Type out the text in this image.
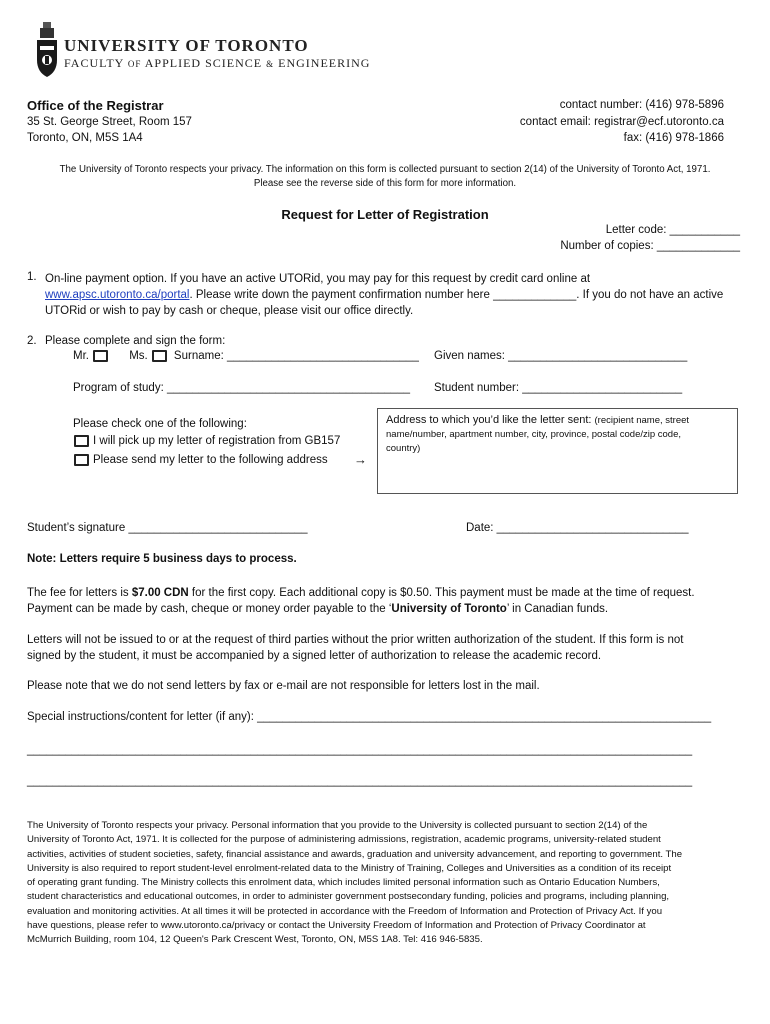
UNIVERSITY OF TORONTO
FACULTY OF APPLIED SCIENCE & ENGINEERING
Office of the Registrar
35 St. George Street, Room 157
Toronto, ON, M5S 1A4
contact number: (416) 978-5896
contact email: registrar@ecf.utoronto.ca
fax: (416) 978-1866
The University of Toronto respects your privacy. The information on this form is collected pursuant to section 2(14) of the University of Toronto Act, 1971.
Please see the reverse side of this form for more information.
Request for Letter of Registration
Letter code: ___________
Number of copies: _____________
1. On-line payment option. If you have an active UTORid, you may pay for this request by credit card online at
www.apsc.utoronto.ca/portal. Please write down the payment confirmation number here _____________. If you do not have an active
UTORid or wish to pay by cash or cheque, please visit our office directly.
2. Please complete and sign the form:
Mr.	Ms. Surname: ______________________________ Given names: ____________________________
Program of study: ______________________________________ Student number: _________________________
Please check one of the following:
I will pick up my letter of registration from GB157
Please send my letter to the following address →
Address to which you’d like the letter sent: (recipient name, street
name/number, apartment number, city, province, postal code/zip code,
country)
Student’s signature ____________________________	Date: ______________________________
Note: Letters require 5 business days to process.
The fee for letters is $7.00 CDN for the first copy. Each additional copy is $0.50. This payment must be made at the time of request.
Payment can be made by cash, cheque or money order payable to the ‘University of Toronto’ in Canadian funds.
Letters will not be issued to or at the request of third parties without the prior written authorization of the student. If this form is not
signed by the student, it must be accompanied by a signed letter of authorization to release the academic record.
Please note that we do not send letters by fax or e-mail are not responsible for letters lost in the mail.
Special instructions/content for letter (if any): _______________________________________________________________________
________________________________________________________________________________________________________
________________________________________________________________________________________________________
The University of Toronto respects your privacy. Personal information that you provide to the University is collected pursuant to section 2(14) of the
University of Toronto Act, 1971. It is collected for the purpose of administering admissions, registration, academic programs, university-related student
activities, activities of student societies, safety, financial assistance and awards, graduation and university advancement, and reporting to government. The
University is also required to report student-level enrolment-related data to the Ministry of Training, Colleges and Universities as a condition of its receipt
of operating grant funding. The Ministry collects this enrolment data, which includes limited personal information such as Ontario Education Numbers,
student characteristics and educational outcomes, in order to administer government postsecondary funding, policies and programs, including planning,
evaluation and monitoring activities. At all times it will be protected in accordance with the Freedom of Information and Protection of Privacy Act. If you
have questions, please refer to www.utoronto.ca/privacy or contact the University Freedom of Information and Protection of Privacy Coordinator at
McMurrich Building, room 104, 12 Queen's Park Crescent West, Toronto, ON, M5S 1A8. Tel: 416 946-5835.
